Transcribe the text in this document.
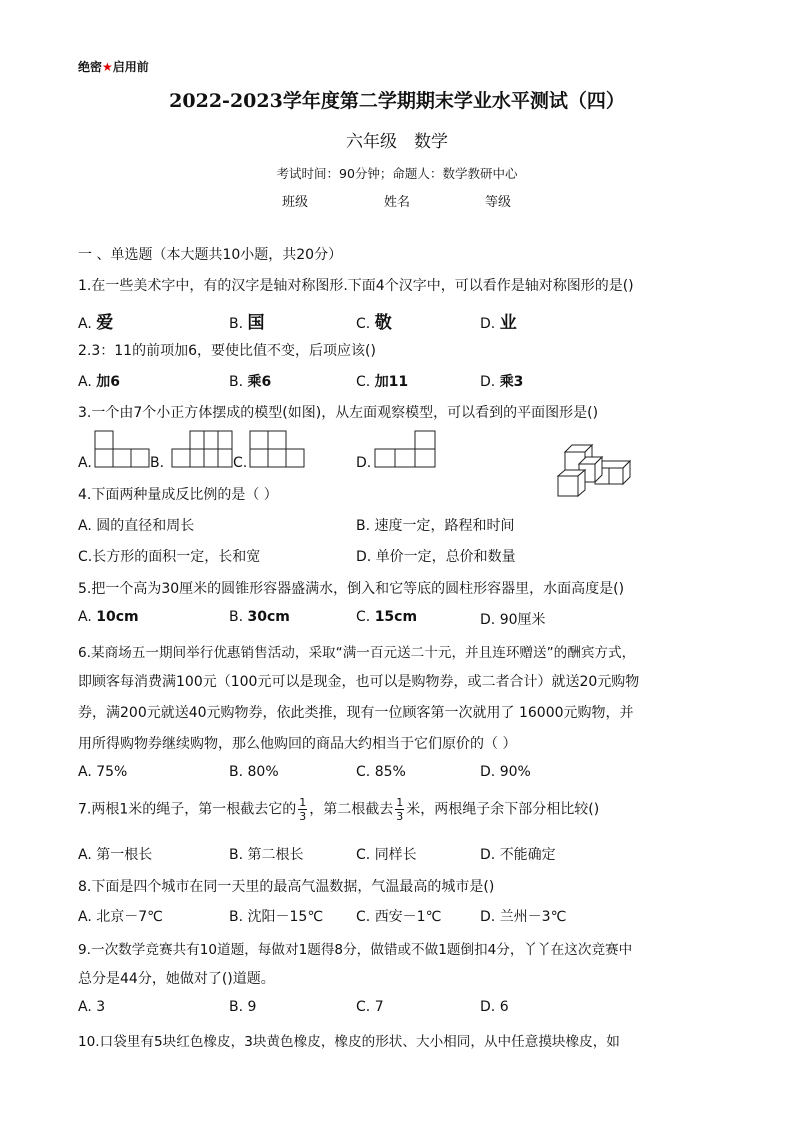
绝密★启用前
2022-2023学年度第二学期期末学业水平测试（四）
六年级　数学
考试时间：90分钟；命题人：数学教研中心
班级	姓名	等级
一 、单选题（本大题共10小题，共20分）
1.在一些美术字中，有的汉字是轴对称图形.下面4个汉字中，可以看作是轴对称图形的是()
A. 爱	B. 国	C. 敬	D. 业
2.3：11的前项加6，要使比值不变，后项应该()
A. 加6	B. 乘6	C. 加11	D. 乘3
3.一个由7个小正方体摆成的模型(如图)，从左面观察模型，可以看到的平面图形是()
A.	B.	C.	D.
4.下面两种量成反比例的是（ ）
A. 圆的直径和周长	B. 速度一定，路程和时间
C.长方形的面积一定，长和宽	D. 单价一定，总价和数量
5.把一个高为30厘米的圆锥形容器盛满水，倒入和它等底的圆柱形容器里，水面高度是()
A. 10cm	B. 30cm	C. 15cm	D. 90厘米
6.某商场五一期间举行优惠销售活动，采取“满一百元送二十元，并且连环赠送”的酬宾方式，
即顾客每消费满100元（100元可以是现金，也可以是购物券，或二者合计）就送20元购物
券，满200元就送40元购物券，依此类推，现有一位顾客第一次就用了 16000元购物，并
用所得购物券继续购物，那么他购回的商品大约相当于它们原价的（ ）
A. 75%	B. 80%	C. 85%	D. 90%
7.两根1米的绳子，第一根截去它的 $\frac{1}{3}$ ，第二根截去 $\frac{1}{3}$ 米，两根绳子余下部分相比较()
A. 第一根长	B. 第二根长	C. 同样长	D. 不能确定
8.下面是四个城市在同一天里的最高气温数据，气温最高的城市是()
A. 北京－7℃	B. 沈阳－15℃ C. 西安－1℃	D. 兰州－3℃
9.一次数学竞赛共有10道题，每做对1题得8分，做错或不做1题倒扣4分，丫丫在这次竞赛中
总分是44分，她做对了()道题。
A. 3	B. 9	C. 7	D. 6
10.口袋里有5块红色橡皮，3块黄色橡皮，橡皮的形状、大小相同，从中任意摸块橡皮，如
